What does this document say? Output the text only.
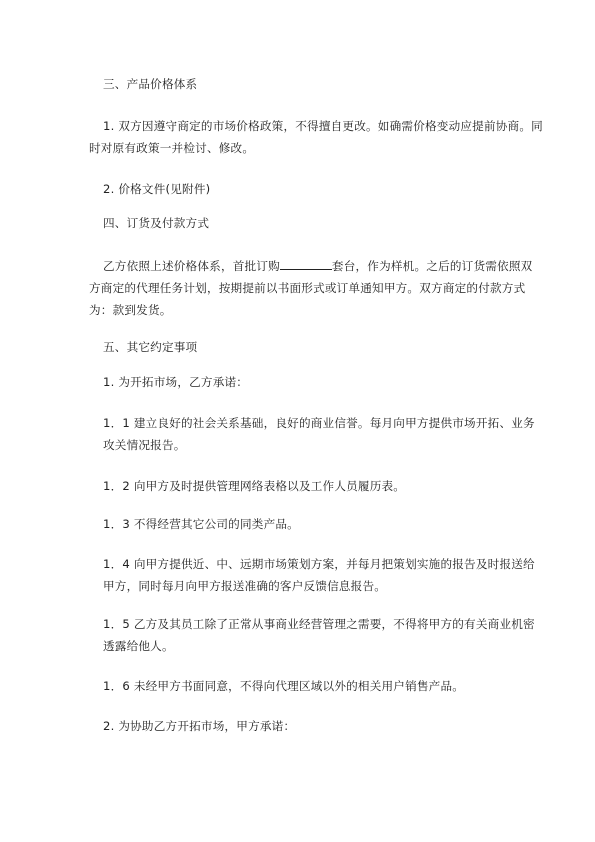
三、产品价格体系
1. 双方因遵守商定的市场价格政策，不得擅自更改。如确需价格变动应提前协商。同时对原有政策一并检讨、修改。
2. 价格文件(见附件)
四、订货及付款方式
乙方依照上述价格体系，首批订购	套台，作为样机。之后的订货需依照双方商定的代理任务计划，按期提前以书面形式或订单通知甲方。双方商定的付款方式为：款到发货。
五、其它约定事项
1. 为开拓市场，乙方承诺：
1．1 建立良好的社会关系基础，良好的商业信誉。每月向甲方提供市场开拓、业务攻关情况报告。
1．2 向甲方及时提供管理网络表格以及工作人员履历表。
1．3 不得经营其它公司的同类产品。
1．4 向甲方提供近、中、远期市场策划方案，并每月把策划实施的报告及时报送给甲方，同时每月向甲方报送准确的客户反馈信息报告。
1．5 乙方及其员工除了正常从事商业经营管理之需要，不得将甲方的有关商业机密透露给他人。
1．6 未经甲方书面同意，不得向代理区域以外的相关用户销售产品。
2. 为协助乙方开拓市场，甲方承诺：
